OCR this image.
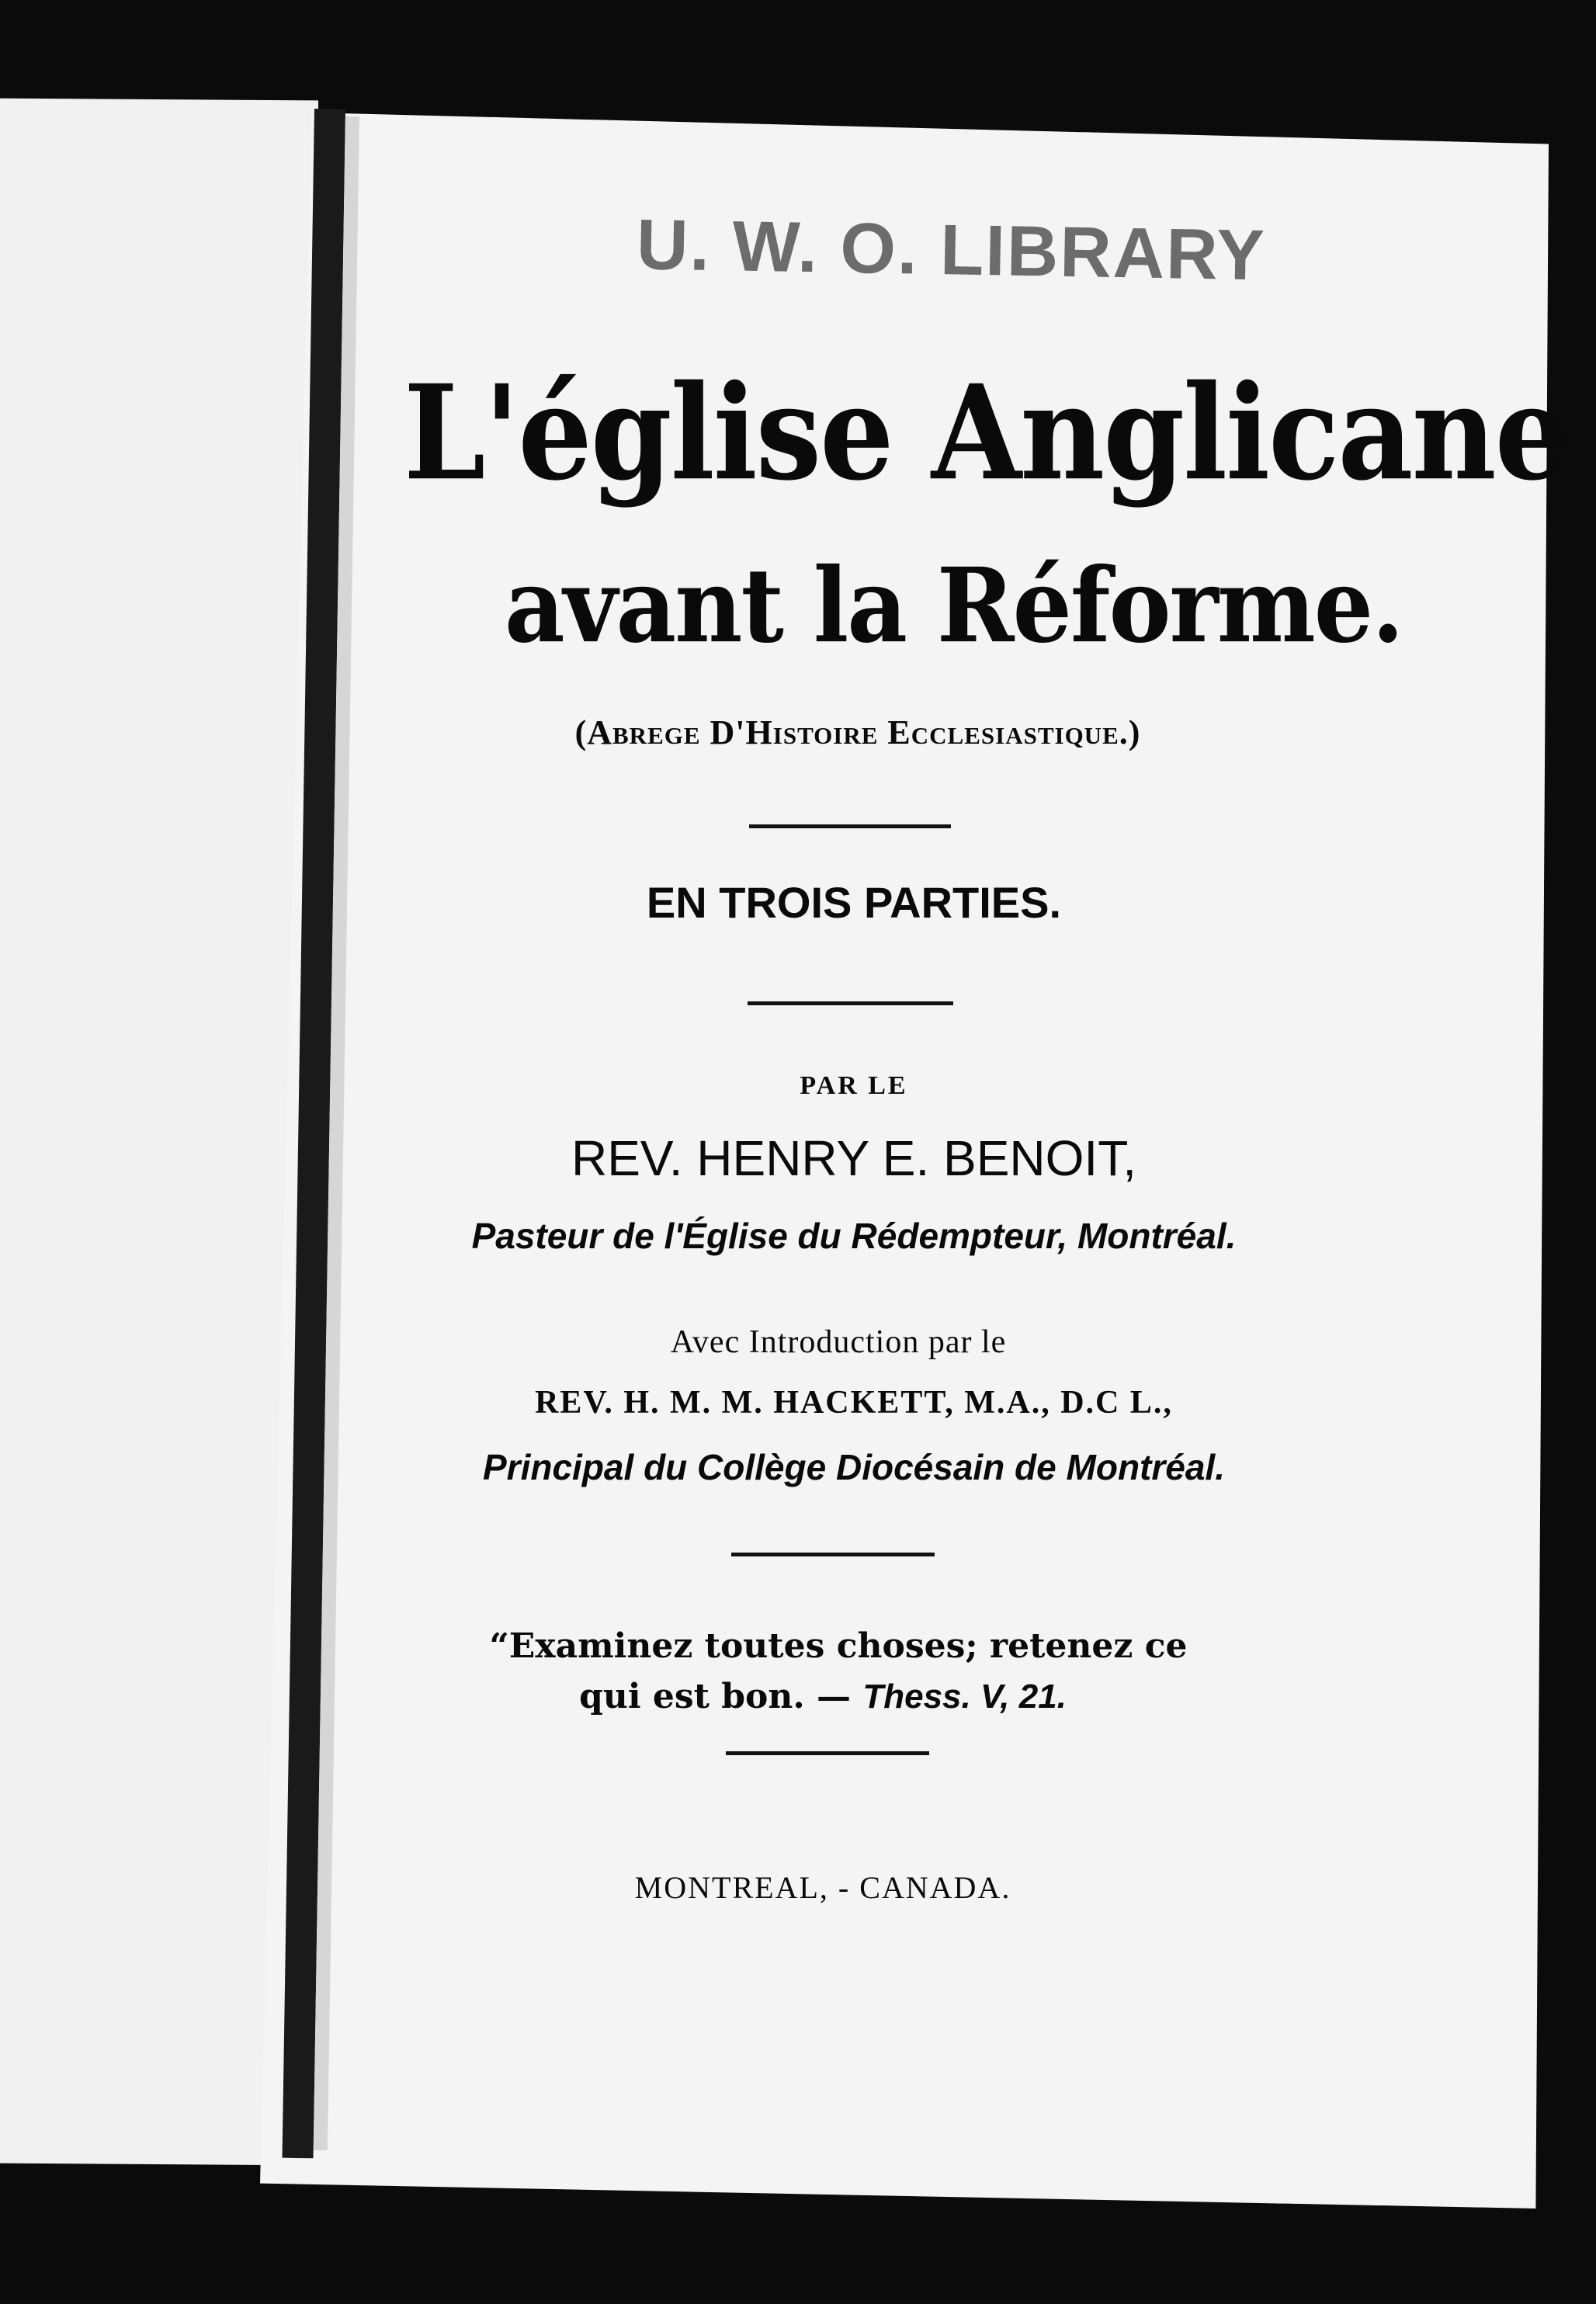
U. W. O. LIBRARY
L'église Anglicane
avant la Réforme.
(Abrege D'Histoire Ecclesiastique.)
EN TROIS PARTIES.
PAR LE
REV. HENRY E. BENOIT,
Pasteur de l'Église du Rédempteur, Montréal.
Avec Introduction par le
REV. H. M. M. HACKETT, M.A., D.C L.,
Principal du Collège Diocésain de Montréal.
“Examinez toutes choses; retenez ce
qui est bon. — Thess. V, 21.
MONTREAL, - CANADA.
